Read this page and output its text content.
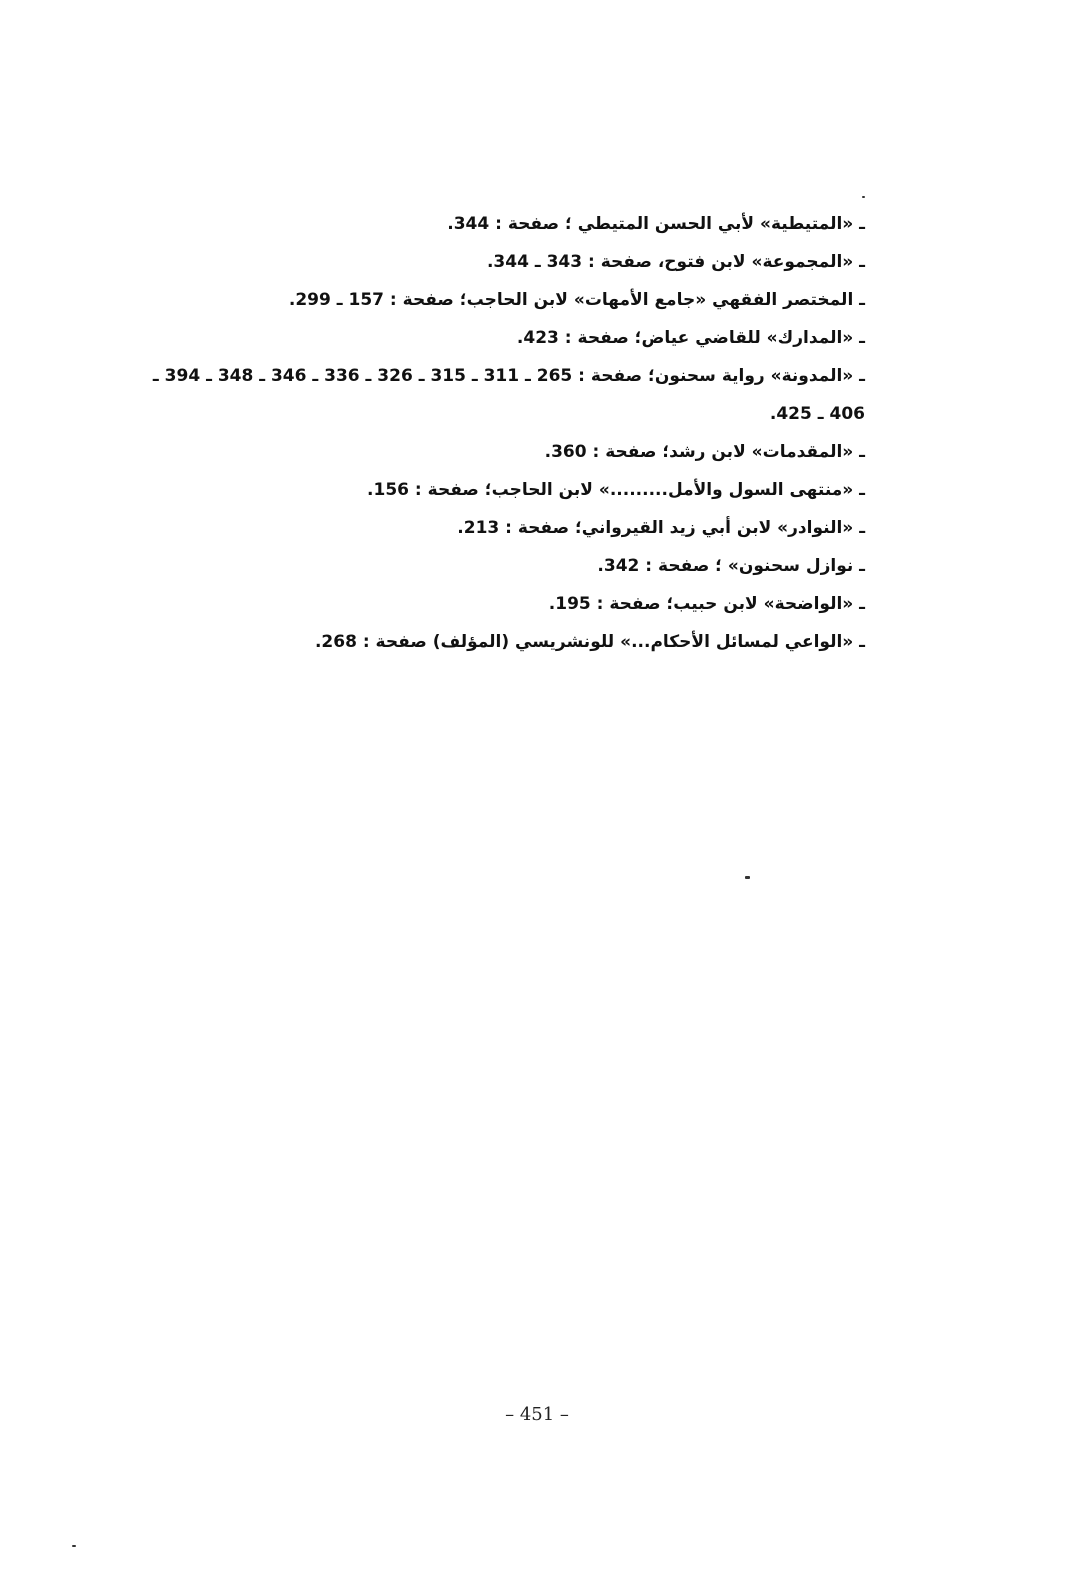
ـ «المتيطية» لأبي الحسن المتيطي ؛ صفحة : 344.

ـ «المجموعة» لابن فتوح، صفحة : 343 ـ 344.

ـ المختصر الفقهي «جامع الأمهات» لابن الحاجب؛ صفحة : 157 ـ 299.

ـ «المدارك» للقاضي عياض؛ صفحة : 423.

ـ «المدونة» رواية سحنون؛ صفحة : 265 ـ 311 ـ 315 ـ 326 ـ 336 ـ 346 ـ 348 ـ 394 ـ

406 ـ 425.

ـ «المقدمات» لابن رشد؛ صفحة : 360.

ـ «منتهى السول والأمل.........» لابن الحاجب؛ صفحة : 156.

ـ «النوادر» لابن أبي زيد القيرواني؛ صفحة : 213.

ـ نوازل سحنون» ؛ صفحة : 342.

ـ «الواضحة» لابن حبيب؛ صفحة : 195.

ـ «الواعي لمسائل الأحكام...» للونشريسي (المؤلف) صفحة : 268.

– 451 –
